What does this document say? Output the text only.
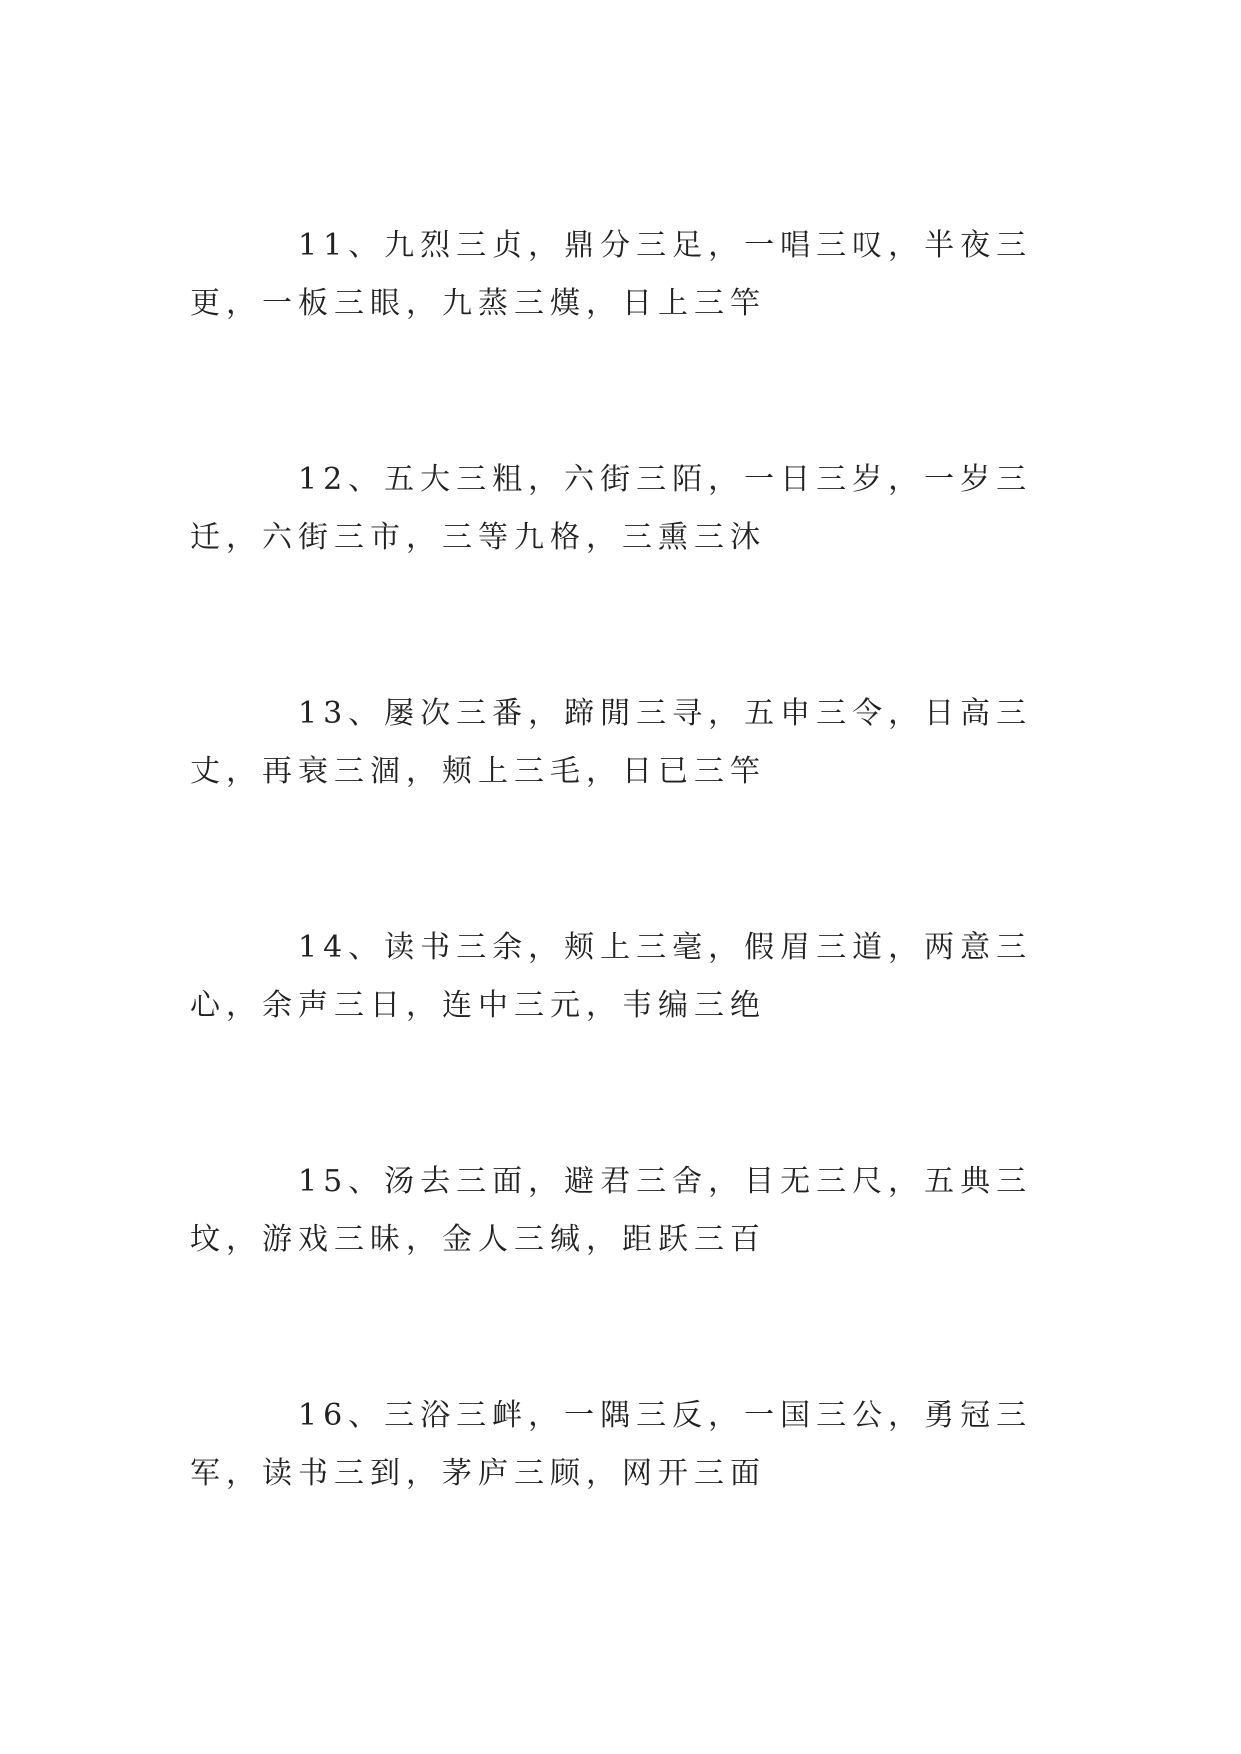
11、九烈三贞，鼎分三足，一唱三叹，半夜三更，一板三眼，九蒸三熯，日上三竿

12、五大三粗，六街三陌，一日三岁，一岁三迁，六街三市，三等九格，三熏三沐

13、屡次三番，蹄閒三寻，五申三令，日高三丈，再衰三涸，颊上三毛，日已三竿

14、读书三余，颊上三毫，假眉三道，两意三心，余声三日，连中三元，韦编三绝

15、汤去三面，避君三舍，目无三尺，五典三坟，游戏三昧，金人三缄，距跃三百

16、三浴三衅，一隅三反，一国三公，勇冠三军，读书三到，茅庐三顾，网开三面
